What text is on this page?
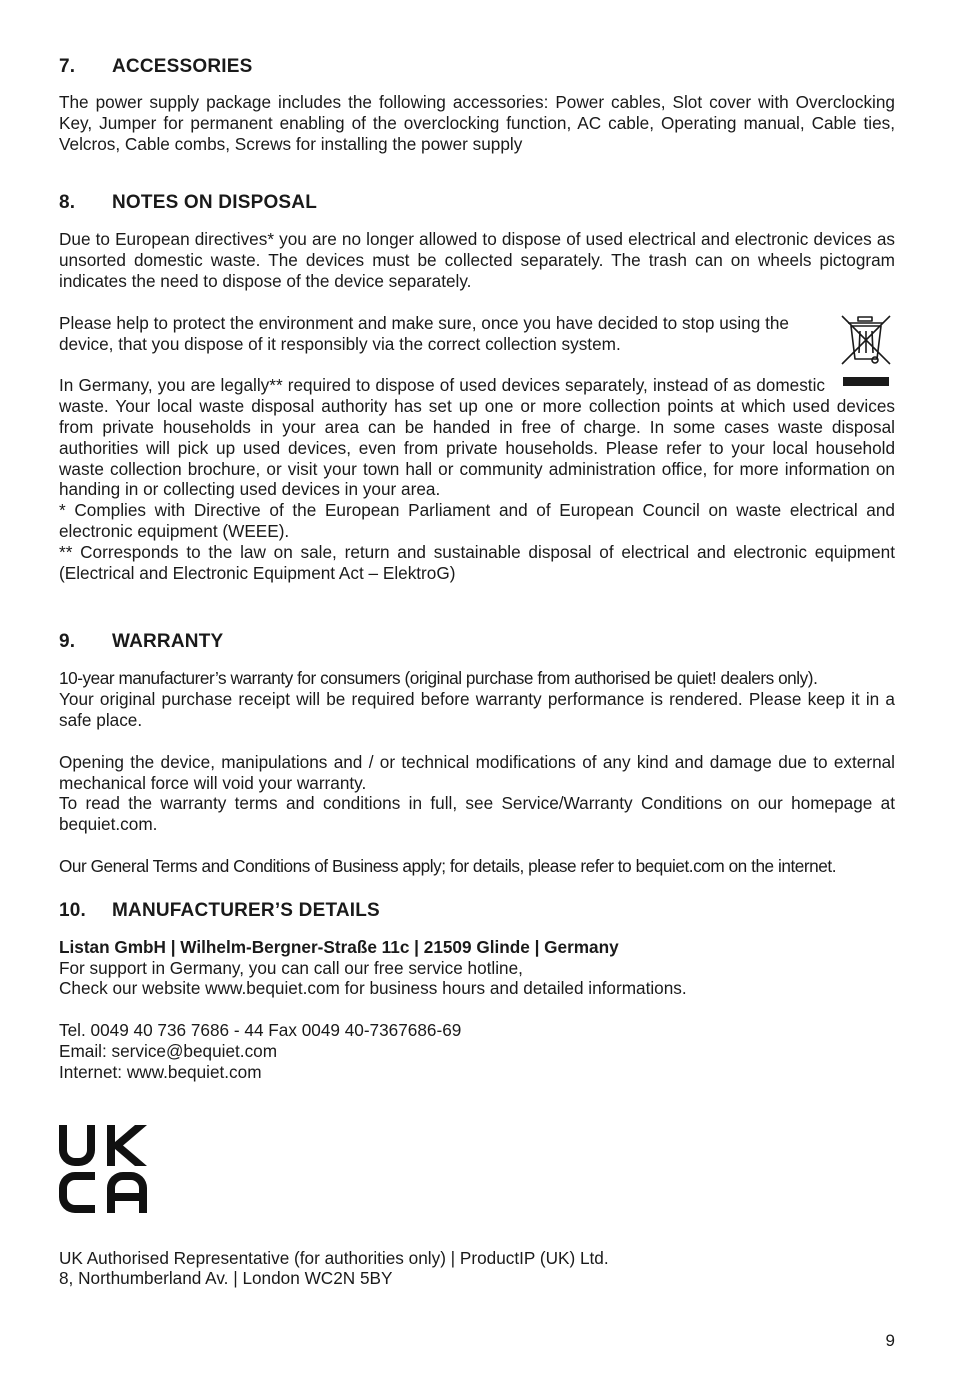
7.	ACCESSORIES

The power supply package includes the following accessories: Power cables, Slot cover with Overclocking Key, Jumper for permanent enabling of the overclocking function, AC cable, Operating manual, Cable ties, Velcros, Cable combs, Screws for installing the power supply

8.	NOTES ON DISPOSAL

Due to European directives* you are no longer allowed to dispose of used electrical and electronic devices as unsorted domestic waste. The devices must be collected separately. The trash can on wheels pictogram indicates the need to dispose of the device separately.

Please help to protect the environment and make sure, once you have decided to stop using the device, that you dispose of it responsibly via the correct collection system.

In Germany, you are legally** required to dispose of used devices separately, instead of as domestic waste. Your local waste disposal authority has set up one or more collection points at which used devices from private households in your area can be handed in free of charge. In some cases waste disposal authorities will pick up used devices, even from private households. Please refer to your local household waste collection brochure, or visit your town hall or community administration office, for more information on handing in or collecting used devices in your area.

* Complies with Directive of the European Parliament and of European Council on waste electrical and electronic equipment (WEEE).

** Corresponds to the law on sale, return and sustainable disposal of electrical and electronic equipment (Electrical and Electronic Equipment Act – ElektroG)

9.	WARRANTY

10-year manufacturer’s warranty for consumers (original purchase from authorised be quiet! dealers only).

Your original purchase receipt will be required before warranty performance is rendered. Please keep it in a safe place.

Opening the device, manipulations and / or technical modifications of any kind and damage due to external mechanical force will void your warranty.

To read the warranty terms and conditions in full, see Service/Warranty Conditions on our homepage at bequiet.com.

Our General Terms and Conditions of Business apply; for details, please refer to bequiet.com on the internet.

10.	MANUFACTURER’S DETAILS

Listan GmbH | Wilhelm-Bergner-Straße 11c | 21509 Glinde | Germany

For support in Germany, you can call our free service hotline,

Check our website www.bequiet.com for business hours and detailed informations.

Tel. 0049 40 736 7686 - 44 Fax 0049 40-7367686-69

Email: service@bequiet.com

Internet: www.bequiet.com

UK Authorised Representative (for authorities only) | ProductIP (UK) Ltd.

8, Northumberland Av. | London WC2N 5BY

9
